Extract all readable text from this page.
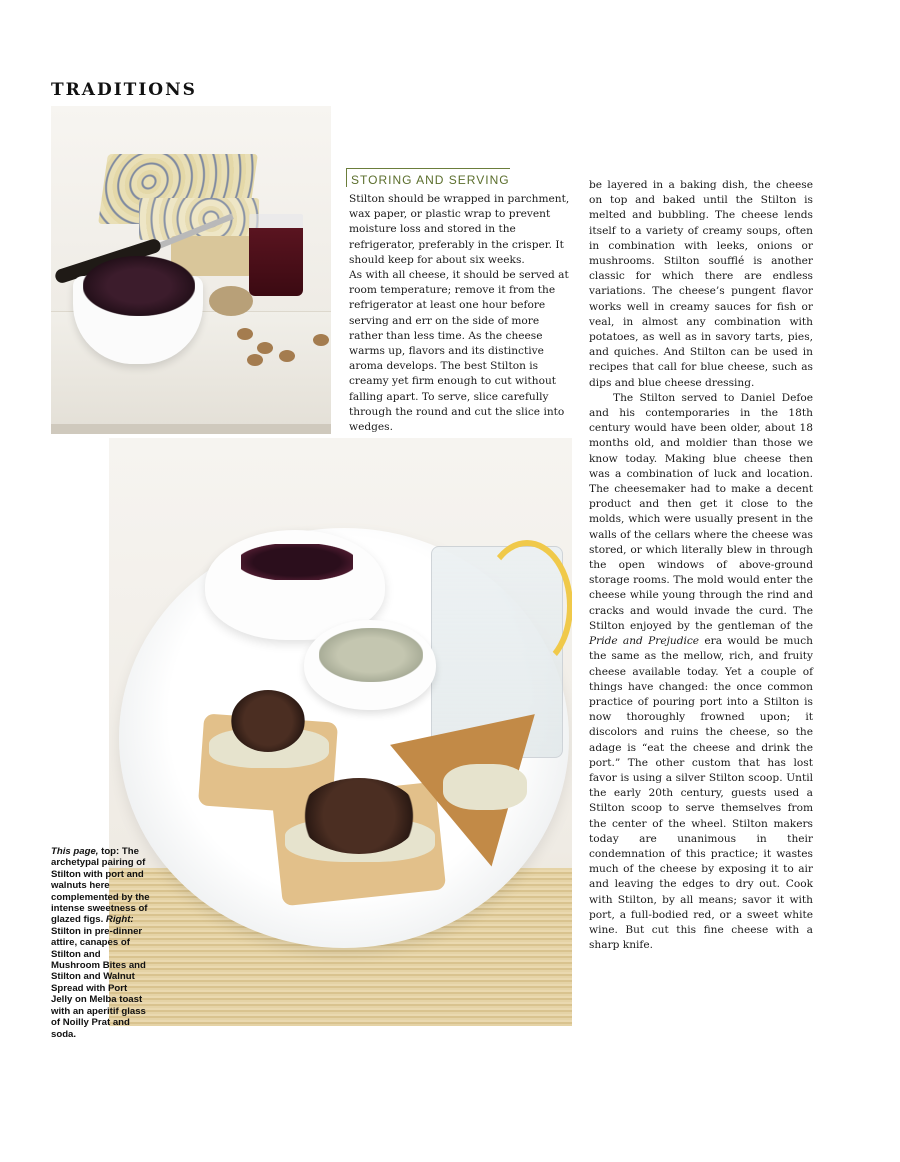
TRADITIONS
STORING AND SERVING

Stilton should be wrapped in parchment, wax paper, or plastic wrap to prevent moisture loss and stored in the refrigerator, preferably in the crisper. It should keep for about six weeks.

As with all cheese, it should be served at room temperature; remove it from the refrigerator at least one hour before serving and err on the side of more rather than less time. As the cheese warms up, flavors and its distinctive aroma develops. The best Stilton is creamy yet firm enough to cut without falling apart. To serve, slice carefully through the round and cut the slice into wedges.

be layered in a baking dish, the cheese on top and baked until the Stilton is melted and bubbling. The cheese lends itself to a variety of creamy soups, often in combination with leeks, onions or mushrooms. Stilton soufflé is another classic for which there are endless variations. The cheese’s pungent flavor works well in creamy sauces for fish or veal, in almost any combination with potatoes, as well as in savory tarts, pies, and quiches. And Stilton can be used in recipes that call for blue cheese, such as dips and blue cheese dressing.

The Stilton served to Daniel Defoe and his contemporaries in the 18th century would have been older, about 18 months old, and moldier than those we know today. Making blue cheese then was a combination of luck and location. The cheesemaker had to make a decent product and then get it close to the molds, which were usually present in the walls of the cellars where the cheese was stored, or which literally blew in through the open windows of above-ground storage rooms. The mold would enter the cheese while young through the rind and cracks and would invade the curd. The Stilton enjoyed by the gentleman of the Pride and Prejudice era would be much the same as the mellow, rich, and fruity cheese available today. Yet a couple of things have changed: the once common practice of pouring port into a Stilton is now thoroughly frowned upon; it discolors and ruins the cheese, so the adage is “eat the cheese and drink the port.” The other custom that has lost favor is using a silver Stilton scoop. Until the early 20th century, guests used a Stilton scoop to serve themselves from the center of the wheel. Stilton makers today are unanimous in their condemnation of this practice; it wastes much of the cheese by exposing it to air and leaving the edges to dry out. Cook with Stilton, by all means; savor it with port, a full-bodied red, or a sweet white wine. But cut this fine cheese with a sharp knife.

This page, top: The archetypal pairing of Stilton with port and walnuts here complemented by the intense sweetness of glazed figs. Right: Stilton in pre-dinner attire, canapes of Stilton and Mushroom Bites and Stilton and Walnut Spread with Port Jelly on Melba toast with an aperitif glass of Noilly Prat and soda.
